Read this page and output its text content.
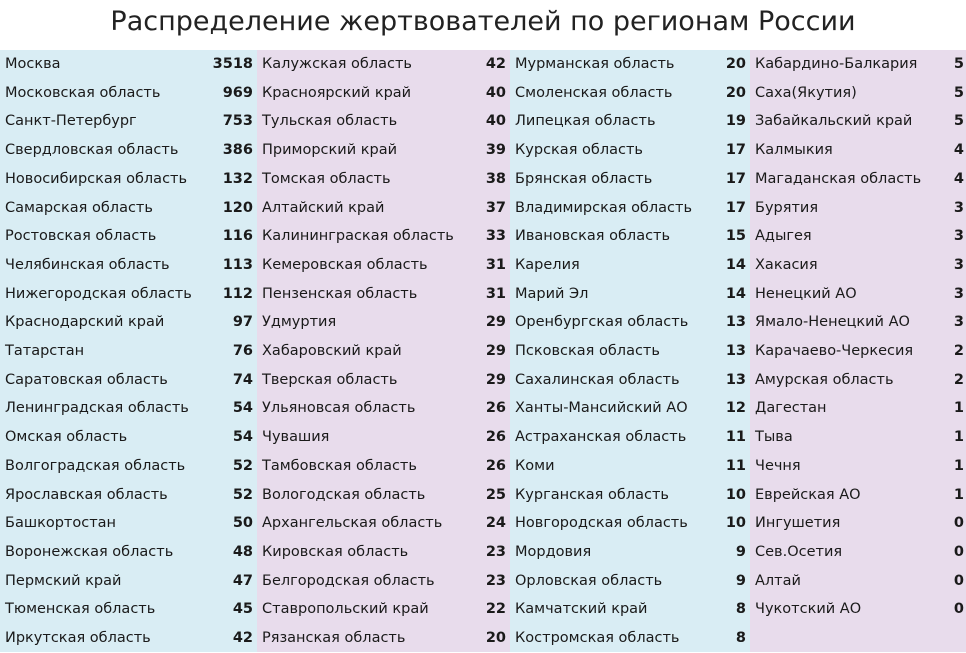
Распределение жертвователей по регионам России
Москва	3518
Московская область	969
Санкт-Петербург	753
Свердловская область	386
Новосибирская область 132
Самарская область	120
Ростовская область	116
Челябинская область	113
Нижегородская область 112
Краснодарский край	97
Татарстан	76
Саратовская область	74
Ленинградская область	54
Омская область	54
Волгоградская область	52
Ярославская область	52
Башкортостан	50
Воронежская область	48
Пермский край	47
Тюменская область	45
Иркутская область	42
Калужская область	42
Красноярский край	40
Тульская область	40
Приморский край	39
Томская область	38
Алтайский край	37
Калининграская область 33
Кемеровская область	31
Пензенская область	31
Удмуртия	29
Хабаровский край	29
Тверская область	29
Ульяновсая область	26
Чувашия	26
Тамбовская область	26
Вологодская область	25
Архангельская область	24
Кировская область	23
Белгородская область	23
Ставропольский край	22
Рязанская область	20
Мурманская область	20
Смоленская область	20
Липецкая область	19
Курская область	17
Брянская область	17
Владимирская область 17
Ивановская область	15
Карелия	14
Марий Эл	14
Оренбургская область	13
Псковская область	13
Сахалинская область	13
Ханты-Мансийский АО	12
Астраханская область	11
Коми	11
Курганская область	10
Новгородская область	10
Мордовия	9
Орловская область	9
Камчатский край	8
Костромская область	8
Кабардино-Балкария	5
Саха(Якутия)	5
Забайкальский край	5
Калмыкия	4
Магаданская область 4
Бурятия	3
Адыгея	3
Хакасия	3
Ненецкий АО	3
Ямало-Ненецкий АО	3
Карачаево-Черкесия	2
Амурская область	2
Дагестан	1
Тыва	1
Чечня	1
Еврейская АО	1
Ингушетия	0
Сев.Осетия	0
Алтай	0
Чукотский АО	0
